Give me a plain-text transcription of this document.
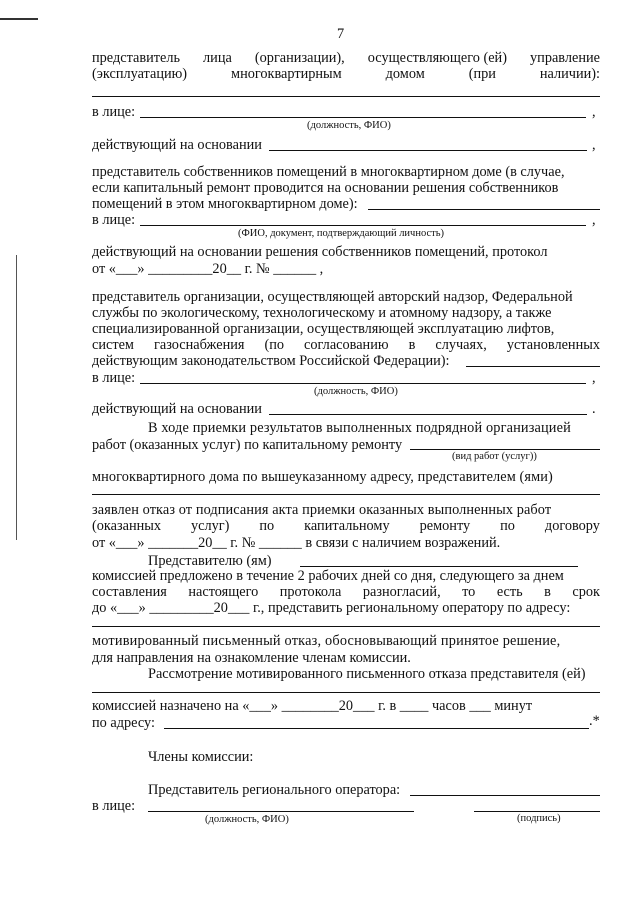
7
представитель лица (организации), осуществляющего (ей) управление
(эксплуатацию)	многоквартирным	домом	(при	наличии):
в лице:	,
(должность, ФИО)
действующий на основании	,
представитель собственников помещений в многоквартирном доме (в случае,
если капитальный ремонт проводится на основании решения собственников
помещений в этом многоквартирном доме):
в лице:	,
(ФИО, документ, подтверждающий личность)
действующий на основании решения собственников помещений, протокол
от «___» _________20__ г. № ______ ,
представитель организации, осуществляющей авторский надзор, Федеральной
службы по экологическому, технологическому и атомному надзору, а также
специализированной организации, осуществляющей эксплуатацию лифтов,
систем газоснабжения (по согласованию в случаях, установленных
действующим законодательством Российской Федерации):
в лице:	,
(должность, ФИО)
действующий на основании	.
В ходе приемки результатов выполненных подрядной организацией
работ (оказанных услуг) по капитальному ремонту
(вид работ (услуг))
многоквартирного дома по вышеуказанному адресу, представителем (ями)
заявлен отказ от подписания акта приемки оказанных выполненных работ
(оказанных услуг) по капитальному ремонту по договору
от «___» _______20__ г. № ______ в связи с наличием возражений.
Представителю (ям)
комиссией предложено в течение 2 рабочих дней со дня, следующего за днем
составления настоящего протокола разногласий, то есть в срок
до «___» _________20___ г., представить региональному оператору по адресу:
мотивированный письменный отказ, обосновывающий принятое решение,
для направления на ознакомление членам комиссии.
Рассмотрение мотивированного письменного отказа представителя (ей)
комиссией назначено на «___» ________20___ г. в ____ часов ___ минут
по адресу:	.*
Члены комиссии:
Представитель регионального оператора:
в лице:
(должность, ФИО)	(подпись)
